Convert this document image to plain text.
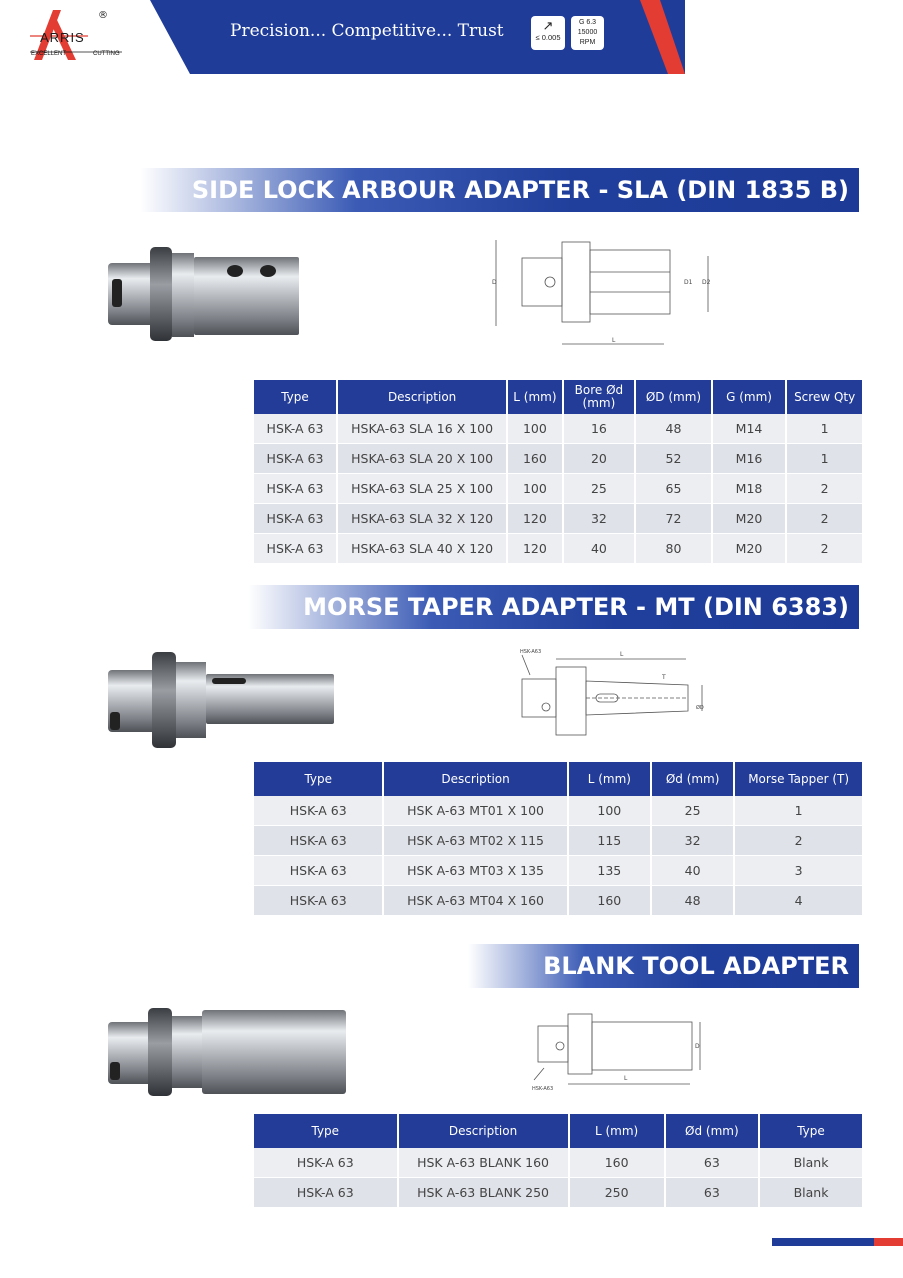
®
ARRIS
EXCELLENT	CUTTING
Precision... Competitive... Trust	↗
≤ 0.005
G 6.3
15000
RPM
SIDE LOCK ARBOUR ADAPTER - SLA (DIN 1835 B)
D	D1 D2
L
Type	Description	L (mm)	Bore Ød (mm)	ØD (mm)	G (mm)	Screw Qty
HSK-A 63	HSKA-63 SLA 16 X 100	100	16	48	M14	1
HSK-A 63	HSKA-63 SLA 20 X 100	160	20	52	M16	1
HSK-A 63	HSKA-63 SLA 25 X 100	100	25	65	M18	2
HSK-A 63	HSKA-63 SLA 32 X 120	120	32	72	M20	2
HSK-A 63	HSKA-63 SLA 40 X 120	120	40	80	M20	2
MORSE TAPER ADAPTER - MT (DIN 6383)
HSK-A63	L
T
ØD
Type	Description	L (mm)	Ød (mm)	Morse Tapper (T)
HSK-A 63	HSK A-63 MT01 X 100	100	25	1
HSK-A 63	HSK A-63 MT02 X 115	115	32	2
HSK-A 63	HSK A-63 MT03 X 135	135	40	3
HSK-A 63	HSK A-63 MT04 X 160	160	48	4
BLANK TOOL ADAPTER
HSK-A63
L
D
Type	Description	L (mm)	Ød (mm)	Type
HSK-A 63	HSK A-63 BLANK 160	160	63	Blank
HSK-A 63	HSK A-63 BLANK 250	250	63	Blank
